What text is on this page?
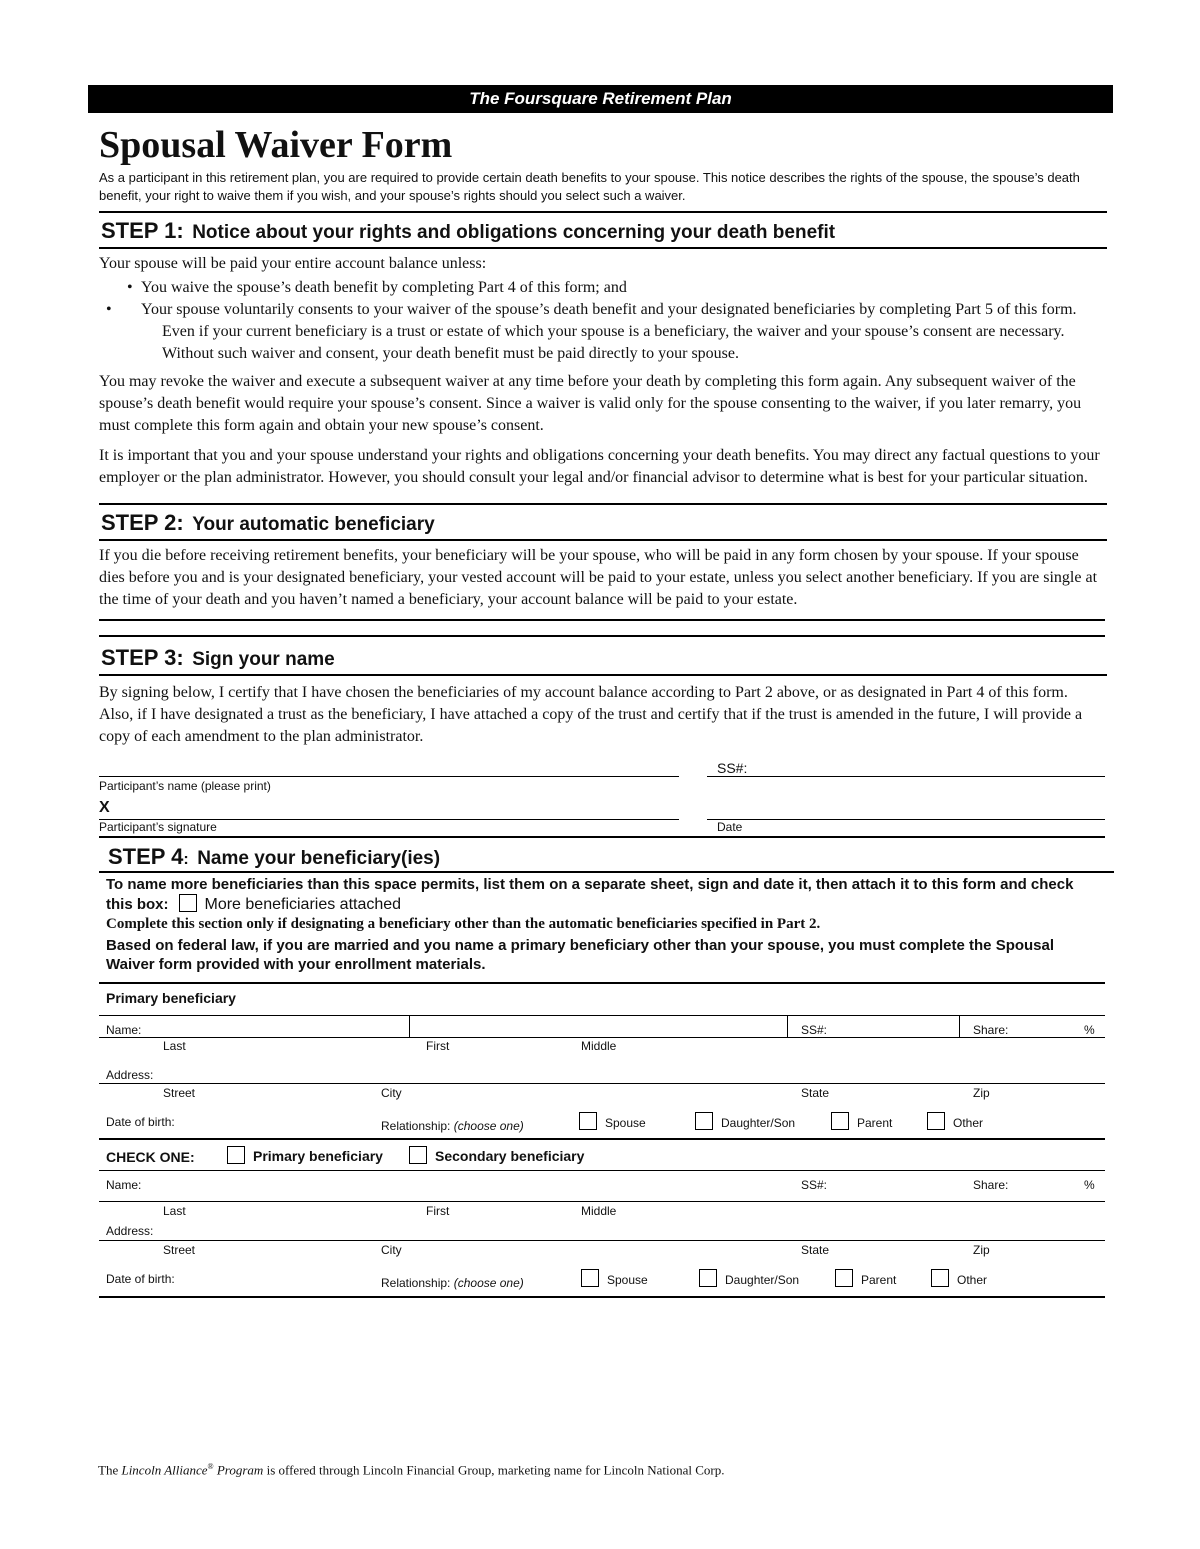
The Foursquare Retirement Plan
Spousal Waiver Form
As a participant in this retirement plan, you are required to provide certain death benefits to your spouse. This notice describes the rights of the spouse, the spouse’s death benefit, your right to waive them if you wish, and your spouse’s rights should you select such a waiver.
STEP 1: Notice about your rights and obligations concerning your death benefit

Your spouse will be paid your entire account balance unless:

• You waive the spouse’s death benefit by completing Part 4 of this form; and
• Your spouse voluntarily consents to your waiver of the spouse’s death benefit and your designated beneficiaries by completing Part 5 of this form. Even if your current beneficiary is a trust or estate of which your spouse is a beneficiary, the waiver and your spouse’s consent are necessary. Without such waiver and consent, your death benefit must be paid directly to your spouse.

You may revoke the waiver and execute a subsequent waiver at any time before your death by completing this form again. Any subsequent waiver of the spouse’s death benefit would require your spouse’s consent. Since a waiver is valid only for the spouse consenting to the waiver, if you later remarry, you must complete this form again and obtain your new spouse’s consent.

It is important that you and your spouse understand your rights and obligations concerning your death benefits. You may direct any factual questions to your employer or the plan administrator. However, you should consult your legal and/or financial advisor to determine what is best for your particular situation.

STEP 2: Your automatic beneficiary

If you die before receiving retirement benefits, your beneficiary will be your spouse, who will be paid in any form chosen by your spouse. If your spouse dies before you and is your designated beneficiary, your vested account will be paid to your estate, unless you select another beneficiary. If you are single at the time of your death and you haven’t named a beneficiary, your account balance will be paid to your estate.

STEP 3: Sign your name

By signing below, I certify that I have chosen the beneficiaries of my account balance according to Part 2 above, or as designated in Part 4 of this form. Also, if I have designated a trust as the beneficiary, I have attached a copy of the trust and certify that if the trust is amended in the future, I will provide a copy of each amendment to the plan administrator.

SS#:
Participant’s name (please print)
X
Participant’s signature	Date
STEP 4: Name your beneficiary(ies)
To name more beneficiaries than this space permits, list them on a separate sheet, sign and date it, then attach it to this form and check this box: More beneficiaries attached
Complete this section only if designating a beneficiary other than the automatic beneficiaries specified in Part 2.
Based on federal law, if you are married and you name a primary beneficiary other than your spouse, you must complete the Spousal Waiver form provided with your enrollment materials.
Primary beneficiary
Name:	SS#:	Share:	%
Last	First	Middle
Address:
Street	City	State	Zip
Date of birth:	Relationship: (choose one)	Spouse	Daughter/Son	Parent	Other
CHECK ONE:	Primary beneficiary	Secondary beneficiary
Name:	SS#:	Share:	%
Last	First	Middle
Address:
Street	City	State	Zip
Date of birth:	Relationship: (choose one)	Spouse	Daughter/Son	Parent	Other
The Lincoln Alliance® Program is offered through Lincoln Financial Group, marketing name for Lincoln National Corp.
